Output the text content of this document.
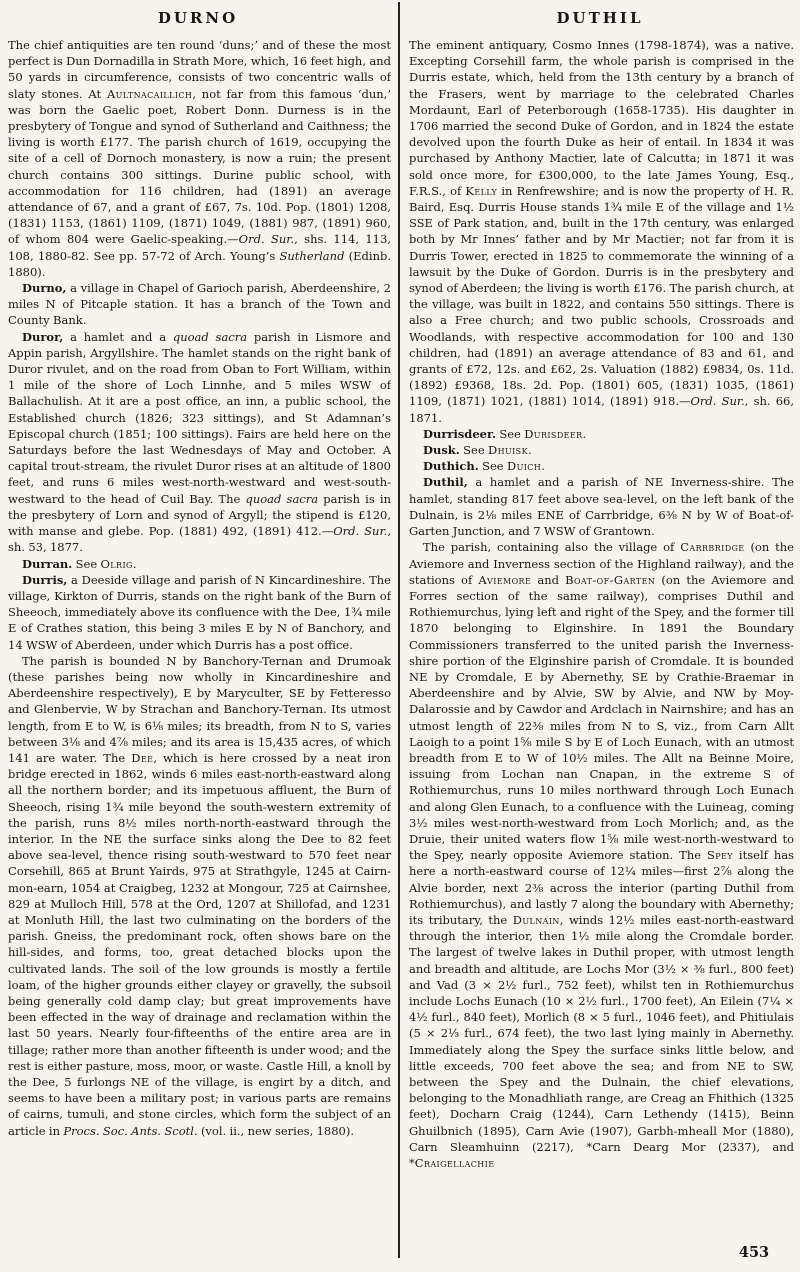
DURNO	DUTHIL

The chief antiquities are ten round ‘duns;’ and of these the most perfect is Dun Dornadilla in Strath More, which, 16 feet high, and 50 yards in circumference, consists of two concentric walls of slaty stones. At Aultnacaillich, not far from this famous ‘dun,’ was born the Gaelic poet, Robert Donn. Durness is in the presbytery of Tongue and synod of Sutherland and Caithness; the living is worth £177. The parish church of 1619, occupying the site of a cell of Dornoch monastery, is now a ruin; the present church contains 300 sittings. Durine public school, with accommodation for 116 children, had (1891) an average attendance of 67, and a grant of £67, 7s. 10d. Pop. (1801) 1208, (1831) 1153, (1861) 1109, (1871) 1049, (1881) 987, (1891) 960, of whom 804 were Gaelic-speaking.—Ord. Sur., shs. 114, 113, 108, 1880-82. See pp. 57-72 of Arch. Young’s Sutherland (Edinb. 1880).

Durno, a village in Chapel of Garioch parish, Aberdeenshire, 2 miles N of Pitcaple station. It has a branch of the Town and County Bank.

Duror, a hamlet and a quoad sacra parish in Lismore and Appin parish, Argyllshire. The hamlet stands on the right bank of Duror rivulet, and on the road from Oban to Fort William, within 1 mile of the shore of Loch Linnhe, and 5 miles WSW of Ballachulish. At it are a post office, an inn, a public school, the Established church (1826; 323 sittings), and St Adamnan’s Episcopal church (1851; 100 sittings). Fairs are held here on the Saturdays before the last Wednesdays of May and October. A capital trout-stream, the rivulet Duror rises at an altitude of 1800 feet, and runs 6 miles west-north-westward and west-south-westward to the head of Cuil Bay. The quoad sacra parish is in the presbytery of Lorn and synod of Argyll; the stipend is £120, with manse and glebe. Pop. (1881) 492, (1891) 412.—Ord. Sur., sh. 53, 1877.

Durran. See Olrig.

Durris, a Deeside village and parish of N Kincardineshire. The village, Kirkton of Durris, stands on the right bank of the Burn of Sheeoch, immediately above its confluence with the Dee, 1¾ mile E of Crathes station, this being 3 miles E by N of Banchory, and 14 WSW of Aberdeen, under which Durris has a post office.

The parish is bounded N by Banchory-Ternan and Drumoak (these parishes being now wholly in Kincardineshire and Aberdeenshire respectively), E by Maryculter, SE by Fetteresso and Glenbervie, W by Strachan and Banchory-Ternan. Its utmost length, from E to W, is 6⅛ miles; its breadth, from N to S, varies between 3⅛ and 4⅞ miles; and its area is 15,435 acres, of which 141 are water. The Dee, which is here crossed by a neat iron bridge erected in 1862, winds 6 miles east-north-eastward along all the northern border; and its impetuous affluent, the Burn of Sheeoch, rising 1¾ mile beyond the south-western extremity of the parish, runs 8½ miles north-north-eastward through the interior. In the NE the surface sinks along the Dee to 82 feet above sea-level, thence rising south-westward to 570 feet near Corsehill, 865 at Brunt Yairds, 975 at Strathgyle, 1245 at Cairn-mon-earn, 1054 at Craigbeg, 1232 at Mongour, 725 at Cairnshee, 829 at Mulloch Hill, 578 at the Ord, 1207 at Shillofad, and 1231 at Monluth Hill, the last two culminating on the borders of the parish. Gneiss, the predominant rock, often shows bare on the hill-sides, and forms, too, great detached blocks upon the cultivated lands. The soil of the low grounds is mostly a fertile loam, of the higher grounds either clayey or gravelly, the subsoil being generally cold damp clay; but great improvements have been effected in the way of drainage and reclamation within the last 50 years. Nearly four-fifteenths of the entire area are in tillage; rather more than another fifteenth is under wood; and the rest is either pasture, moss, moor, or waste. Castle Hill, a knoll by the Dee, 5 furlongs NE of the village, is engirt by a ditch, and seems to have been a military post; in various parts are remains of cairns, tumuli, and stone circles, which form the subject of an article in Procs. Soc. Ants. Scotl. (vol. ii., new series, 1880).

The eminent antiquary, Cosmo Innes (1798-1874), was a native. Excepting Corsehill farm, the whole parish is comprised in the Durris estate, which, held from the 13th century by a branch of the Frasers, went by marriage to the celebrated Charles Mordaunt, Earl of Peterborough (1658-1735). His daughter in 1706 married the second Duke of Gordon, and in 1824 the estate devolved upon the fourth Duke as heir of entail. In 1834 it was purchased by Anthony Mactier, late of Calcutta; in 1871 it was sold once more, for £300,000, to the late James Young, Esq., F.R.S., of Kelly in Renfrewshire; and is now the property of H. R. Baird, Esq. Durris House stands 1¾ mile E of the village and 1½ SSE of Park station, and, built in the 17th century, was enlarged both by Mr Innes’ father and by Mr Mactier; not far from it is Durris Tower, erected in 1825 to commemorate the winning of a lawsuit by the Duke of Gordon. Durris is in the presbytery and synod of Aberdeen; the living is worth £176. The parish church, at the village, was built in 1822, and contains 550 sittings. There is also a Free church; and two public schools, Crossroads and Woodlands, with respective accommodation for 100 and 130 children, had (1891) an average attendance of 83 and 61, and grants of £72, 12s. and £62, 2s. Valuation (1882) £9834, 0s. 11d. (1892) £9368, 18s. 2d. Pop. (1801) 605, (1831) 1035, (1861) 1109, (1871) 1021, (1881) 1014, (1891) 918.—Ord. Sur., sh. 66, 1871.

Durrisdeer. See Durisdeer.

Dusk. See Dhuisk.

Duthich. See Duich.

Duthil, a hamlet and a parish of NE Inverness-shire. The hamlet, standing 817 feet above sea-level, on the left bank of the Dulnain, is 2⅛ miles ENE of Carrbridge, 6⅜ N by W of Boat-of-Garten Junction, and 7 WSW of Grantown.

The parish, containing also the village of Carrbridge (on the Aviemore and Inverness section of the Highland railway), and the stations of Aviemore and Boat-of-Garten (on the Aviemore and Forres section of the same railway), comprises Duthil and Rothiemurchus, lying left and right of the Spey, and the former till 1870 belonging to Elginshire. In 1891 the Boundary Commissioners transferred to the united parish the Inverness-shire portion of the Elginshire parish of Cromdale. It is bounded NE by Cromdale, E by Abernethy, SE by Crathie-Braemar in Aberdeenshire and by Alvie, SW by Alvie, and NW by Moy-Dalarossie and by Cawdor and Ardclach in Nairnshire; and has an utmost length of 22⅜ miles from N to S, viz., from Carn Allt Laoigh to a point 1⅝ mile S by E of Loch Eunach, with an utmost breadth from E to W of 10½ miles. The Allt na Beinne Moire, issuing from Lochan nan Cnapan, in the extreme S of Rothiemurchus, runs 10 miles northward through Loch Eunach and along Glen Eunach, to a confluence with the Luineag, coming 3½ miles west-north-westward from Loch Morlich; and, as the Druie, their united waters flow 1⅝ mile west-north-westward to the Spey, nearly opposite Aviemore station. The Spey itself has here a north-eastward course of 12¼ miles—first 2⅞ along the Alvie border, next 2⅜ across the interior (parting Duthil from Rothiemurchus), and lastly 7 along the boundary with Abernethy; its tributary, the Dulnain, winds 12½ miles east-north-eastward through the interior, then 1½ mile along the Cromdale border. The largest of twelve lakes in Duthil proper, with utmost length and breadth and altitude, are Lochs Mor (3½ × ⅜ furl., 800 feet) and Vad (3 × 2½ furl., 752 feet), whilst ten in Rothiemurchus include Lochs Eunach (10 × 2½ furl., 1700 feet), An Eilein (7¼ × 4½ furl., 840 feet), Morlich (8 × 5 furl., 1046 feet), and Phitiulais (5 × 2⅓ furl., 674 feet), the two last lying mainly in Abernethy. Immediately along the Spey the surface sinks little below, and little exceeds, 700 feet above the sea; and from NE to SW, between the Spey and the Dulnain, the chief elevations, belonging to the Monadhliath range, are Creag an Fhithich (1325 feet), Docharn Craig (1244), Carn Lethendy (1415), Beinn Ghuilbnich (1895), Carn Avie (1907), Garbh-mheall Mor (1880), Carn Sleamhuinn (2217), *Carn Dearg Mor (2337), and *Craigellachie

453
